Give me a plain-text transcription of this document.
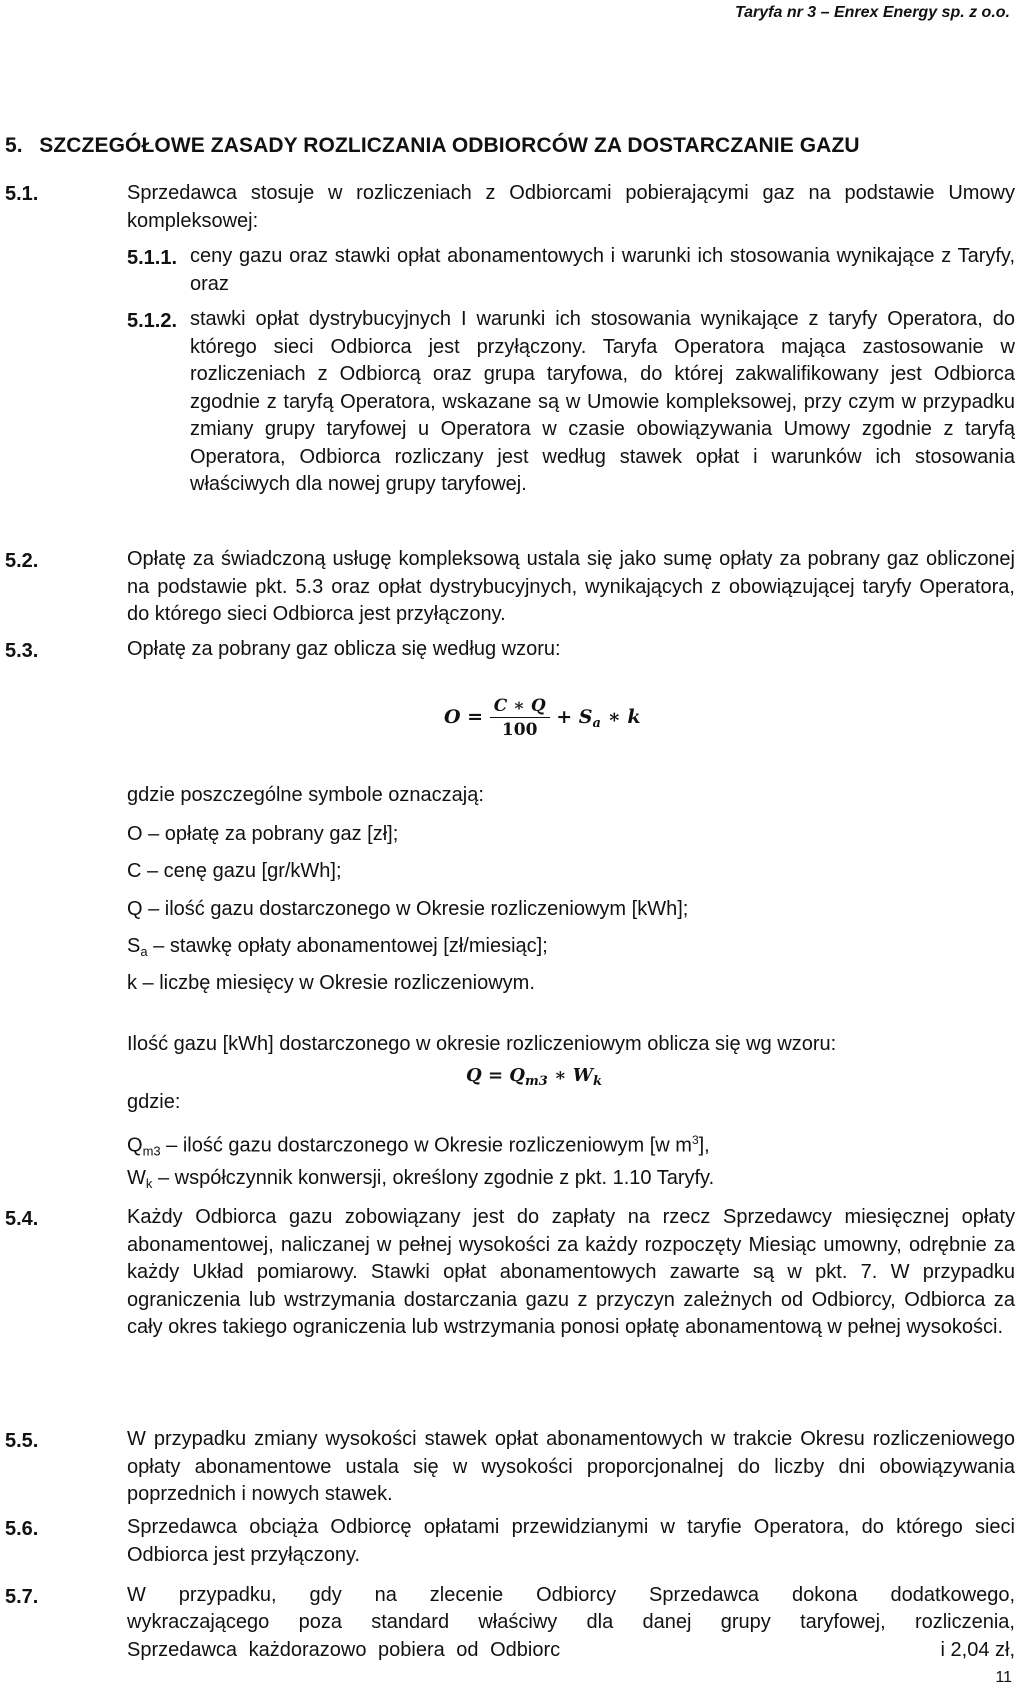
Taryfa nr 3 – Enrex Energy sp. z o.o.
5.  SZCZEGÓŁOWE ZASADY ROZLICZANIA ODBIORCÓW ZA DOSTARCZANIE GAZU
5.1.	Sprzedawca stosuje w rozliczeniach z Odbiorcami pobierającymi gaz na podstawie Umowy kompleksowej:
5.1.1. ceny gazu oraz stawki opłat abonamentowych i warunki ich stosowania wynikające z Taryfy, oraz
5.1.2. stawki opłat dystrybucyjnych I warunki ich stosowania wynikające z taryfy Operatora, do którego sieci Odbiorca jest przyłączony. Taryfa Operatora mająca zastosowanie w rozliczeniach z Odbiorcą oraz grupa taryfowa, do której zakwalifikowany jest Odbiorca zgodnie z taryfą Operatora, wskazane są w Umowie kompleksowej, przy czym w przypadku zmiany grupy taryfowej u Operatora w czasie obowiązywania Umowy zgodnie z taryfą Operatora, Odbiorca rozliczany jest według stawek opłat i warunków ich stosowania właściwych dla nowej grupy taryfowej.
5.2.	Opłatę za świadczoną usługę kompleksową ustala się jako sumę opłaty za pobrany gaz obliczonej na podstawie pkt. 5.3 oraz opłat dystrybucyjnych, wynikających z obowiązującej taryfy Operatora, do którego sieci Odbiorca jest przyłączony.
5.3.	Opłatę za pobrany gaz oblicza się według wzoru:
$O = \frac{C ∗ Q}{100} + S_a$ ∗ k
gdzie poszczególne symbole oznaczają:
O – opłatę za pobrany gaz [zł];
C – cenę gazu [gr/kWh];
Q – ilość gazu dostarczonego w Okresie rozliczeniowym [kWh];
$S_a$ – stawkę opłaty abonamentowej [zł/miesiąc];
k – liczbę miesięcy w Okresie rozliczeniowym.
Ilość gazu [kWh] dostarczonego w okresie rozliczeniowym oblicza się wg wzoru:
$Q = Q_{m3}$ ∗ $W_k$
gdzie:
$Q_{m3}$ – ilość gazu dostarczonego w Okresie rozliczeniowym [w $m^3$],
$W_k$ – współczynnik konwersji, określony zgodnie z pkt. 1.10 Taryfy.
5.4.	Każdy Odbiorca gazu zobowiązany jest do zapłaty na rzecz Sprzedawcy miesięcznej opłaty abonamentowej, naliczanej w pełnej wysokości za każdy rozpoczęty Miesiąc umowny, odrębnie za każdy Układ pomiarowy. Stawki opłat abonamentowych zawarte są w pkt. 7. W przypadku ograniczenia lub wstrzymania dostarczania gazu z przyczyn zależnych od Odbiorcy, Odbiorca za cały okres takiego ograniczenia lub wstrzymania ponosi opłatę abonamentową w pełnej wysokości.
5.5.	W przypadku zmiany wysokości stawek opłat abonamentowych w trakcie Okresu rozliczeniowego opłaty abonamentowe ustala się w wysokości proporcjonalnej do liczby dni obowiązywania poprzednich i nowych stawek.
5.6.	Sprzedawca obciąża Odbiorcę opłatami przewidzianymi w taryfie Operatora, do którego sieci Odbiorca jest przyłączony.
5.7.	W przypadku, gdy na zlecenie Odbiorcy Sprzedawca dokona dodatkowego,
wykraczającego poza standard właściwy dla danej grupy taryfowej, rozliczenia,
Sprzedawca każdorazowo pobiera od Odbiorc	i 2,04 zł,
11
